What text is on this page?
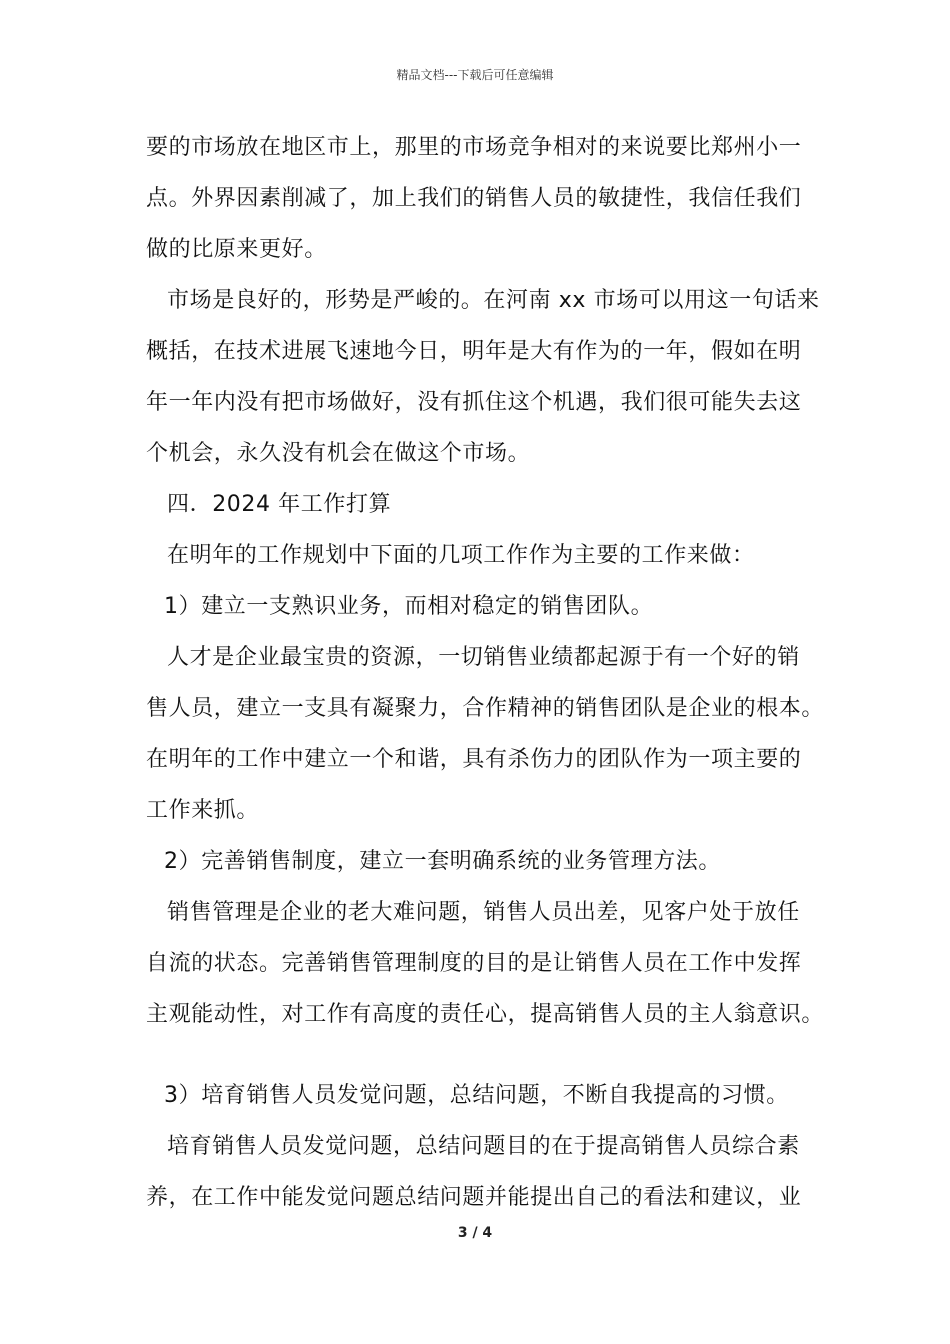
精品文档---下载后可任意编辑
要的市场放在地区市上，那里的市场竞争相对的来说要比郑州小一
点。外界因素削减了，加上我们的销售人员的敏捷性，我信任我们
做的比原来更好。
市场是良好的，形势是严峻的。在河南 xx 市场可以用这一句话来
概括，在技术进展飞速地今日，明年是大有作为的一年，假如在明
年一年内没有把市场做好，没有抓住这个机遇，我们很可能失去这
个机会，永久没有机会在做这个市场。
四．2024 年工作打算
在明年的工作规划中下面的几项工作作为主要的工作来做：
1）建立一支熟识业务，而相对稳定的销售团队。
人才是企业最宝贵的资源，一切销售业绩都起源于有一个好的销
售人员，建立一支具有凝聚力，合作精神的销售团队是企业的根本。
在明年的工作中建立一个和谐，具有杀伤力的团队作为一项主要的
工作来抓。
2）完善销售制度，建立一套明确系统的业务管理方法。
销售管理是企业的老大难问题，销售人员出差，见客户处于放任
自流的状态。完善销售管理制度的目的是让销售人员在工作中发挥
主观能动性，对工作有高度的责任心，提高销售人员的主人翁意识。
3）培育销售人员发觉问题，总结问题，不断自我提高的习惯。
培育销售人员发觉问题，总结问题目的在于提高销售人员综合素
养，在工作中能发觉问题总结问题并能提出自己的看法和建议，业
3 / 4
